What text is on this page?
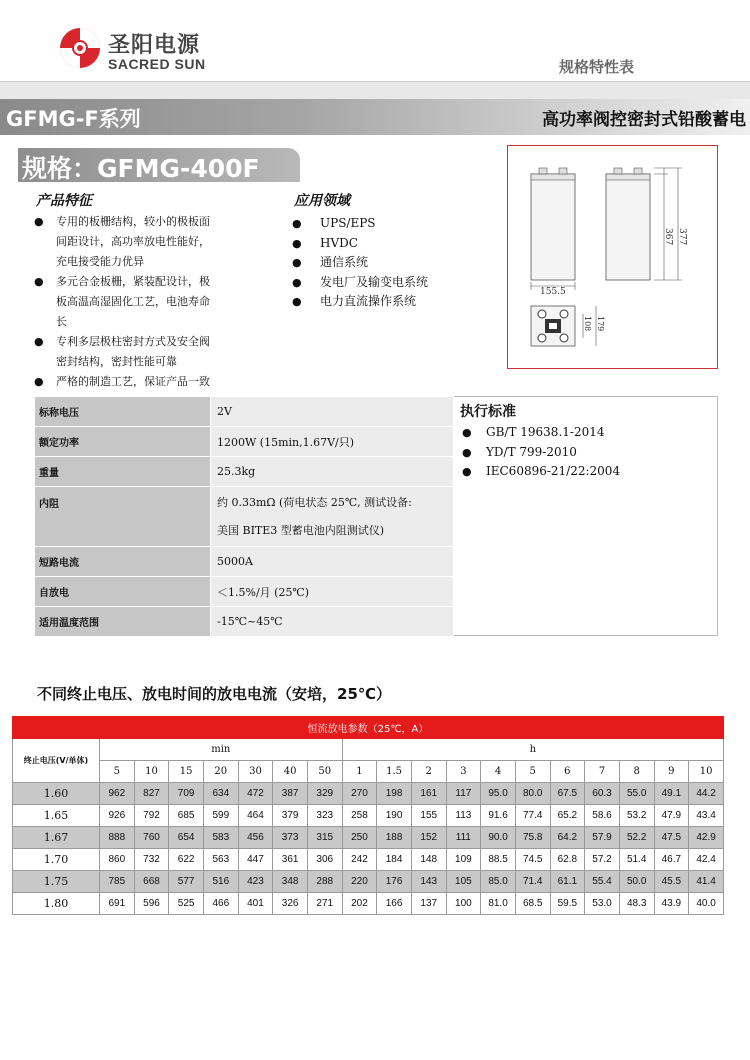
圣阳电源
SACRED SUN	规格特性表
GFMG-F系列	高功率阀控密封式铅酸蓄电
规格：GFMG-400F
产品特征
● 专用的板栅结构，较小的极板面
间距设计，高功率放电性能好，
充电接受能力优异
● 多元合金板栅，紧装配设计，极
板高温高湿固化工艺，电池寿命
长
● 专利多层极柱密封方式及安全阀
密封结构，密封性能可靠
● 严格的制造工艺，保证产品一致
应用领域
● UPS/EPS
● HVDC
● 通信系统
● 发电厂及输变电系统
● 电力直流操作系统
367 377
155.5
108 179
标称电压	2V
额定功率	1200W (15min,1.67V/只)
重量	25.3kg
内阻	约 0.33mΩ (荷电状态 25℃, 测试设备:
美国 BITE3 型蓄电池内阻测试仪)
短路电流	5000A
自放电	＜1.5%/月 (25℃)
适用温度范围	-15℃~45℃
执行标准
● GB/T 19638.1-2014
● YD/T 799-2010
● IEC60896-21/22:2004
不同终止电压、放电时间的放电电流（安培，25℃）
恒流放电参数（25℃，A）																		
终止电压(V/单体)	min							h										
	5	10	15	20	30	40	50	1	1.5	2	3	4	5	6	7	8	9	10
1.60	962	827	709	634	472	387	329	270	198	161	117	95.0	80.0	67.5	60.3	55.0	49.1	44.2
1.65	926	792	685	599	464	379	323	258	190	155	113	91.6	77.4	65.2	58.6	53.2	47.9	43.4
1.67	888	760	654	583	456	373	315	250	188	152	111	90.0	75.8	64.2	57.9	52.2	47.5	42.9
1.70	860	732	622	563	447	361	306	242	184	148	109	88.5	74.5	62.8	57.2	51.4	46.7	42.4
1.75	785	668	577	516	423	348	288	220	176	143	105	85.0	71.4	61.1	55.4	50.0	45.5	41.4
1.80	691	596	525	466	401	326	271	202	166	137	100	81.0	68.5	59.5	53.0	48.3	43.9	40.0
